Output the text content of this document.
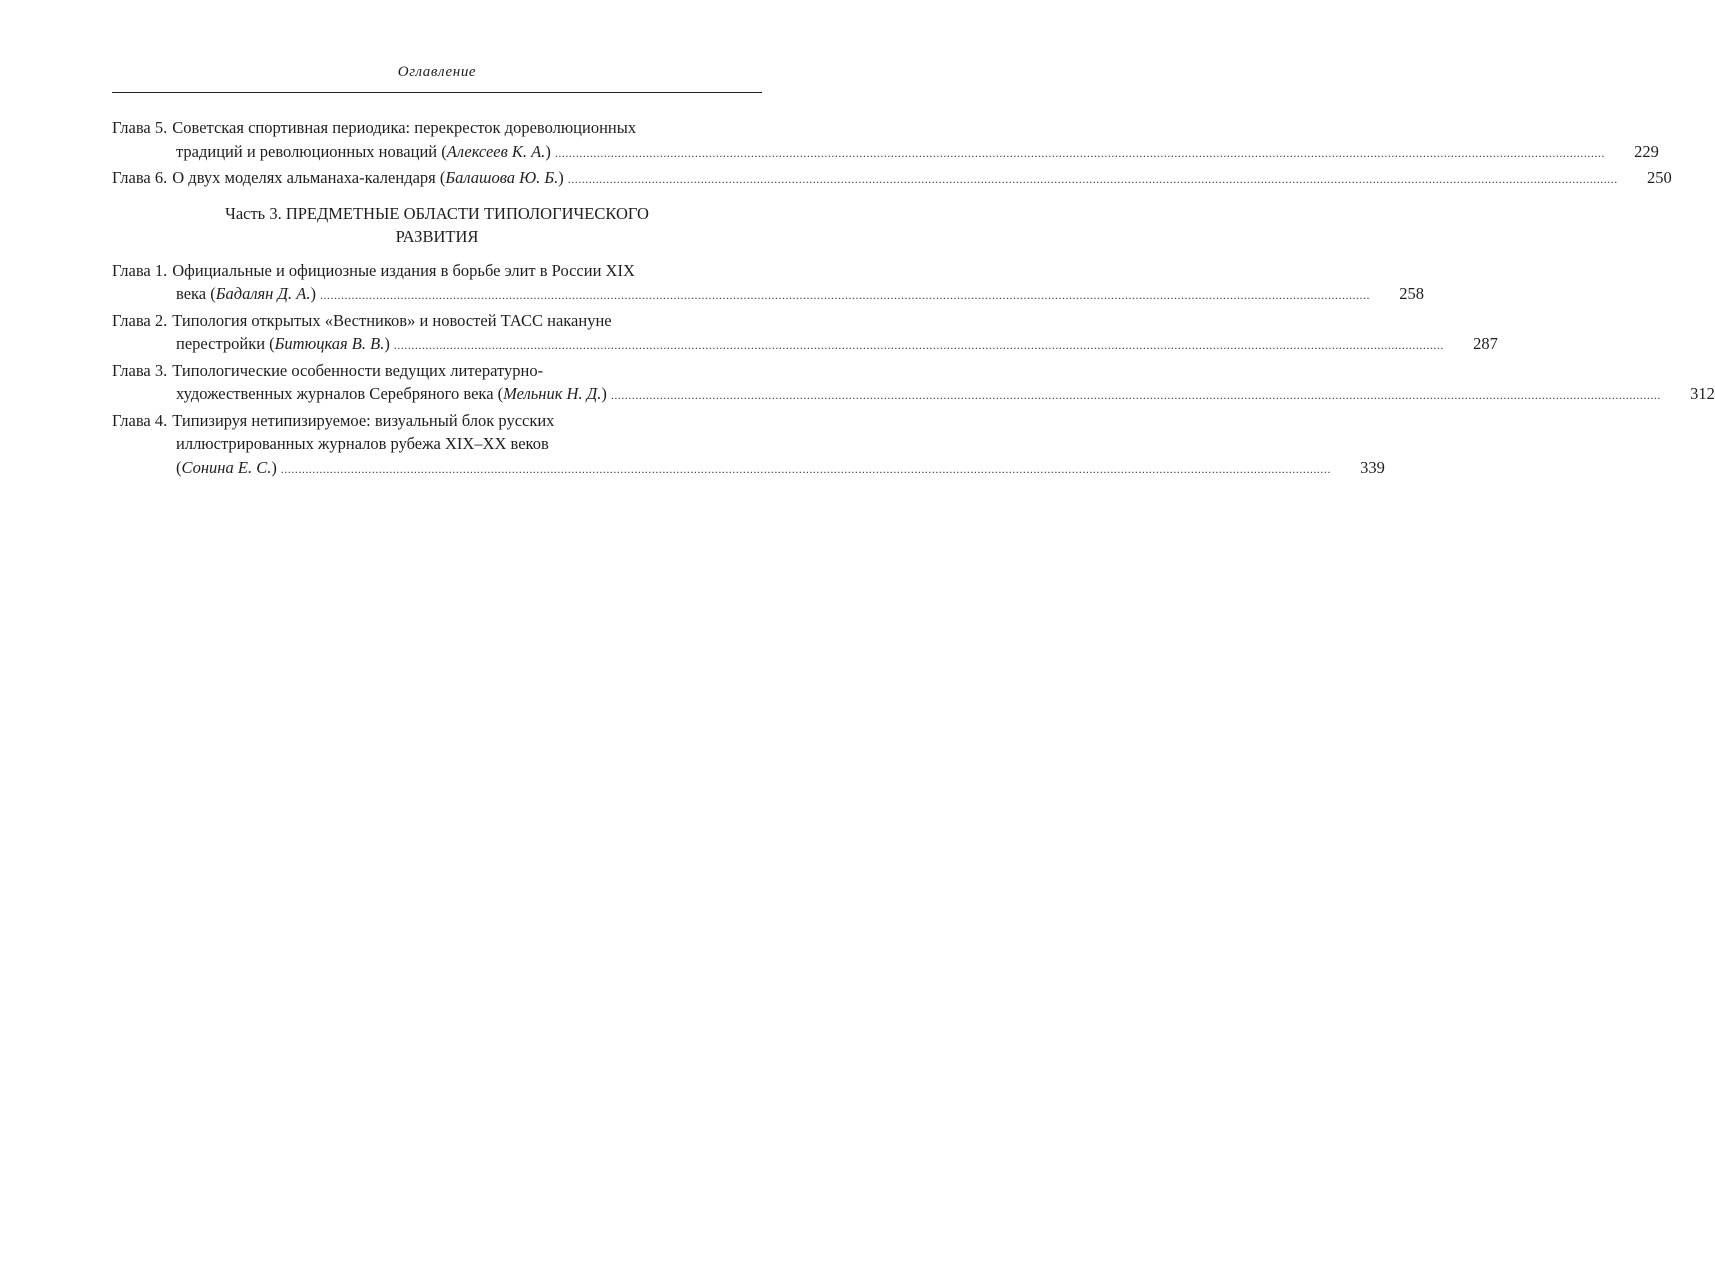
Оглавление
Глава 5. Советская спортивная периодика: перекресток дореволюционных
традиций и революционных новаций (Алексеев К. А.) ............................................................................................................................................................................................................................................................................................................ 229
Глава 6. О двух моделях альманаха-календаря (Балашова Ю. Б.) ............................................................................................................................................................................................................................................................................................................ 250
Часть 3. ПРЕДМЕТНЫЕ ОБЛАСТИ ТИПОЛОГИЧЕСКОГО
РАЗВИТИЯ
Глава 1. Официальные и официозные издания в борьбе элит в России XIX
века (Бадалян Д. А.) ............................................................................................................................................................................................................................................................................................................ 258
Глава 2. Типология открытых «Вестников» и новостей ТАСС накануне
перестройки (Битюцкая В. В.) ............................................................................................................................................................................................................................................................................................................ 287
Глава 3. Типологические особенности ведущих литературно-
художественных журналов Серебряного века (Мельник Н. Д.) ............................................................................................................................................................................................................................................................................................................ 312
Глава 4. Типизируя нетипизируемое: визуальный блок русских
иллюстрированных журналов рубежа XIX–XX веков
(Сонина Е. С.) ............................................................................................................................................................................................................................................................................................................ 339
